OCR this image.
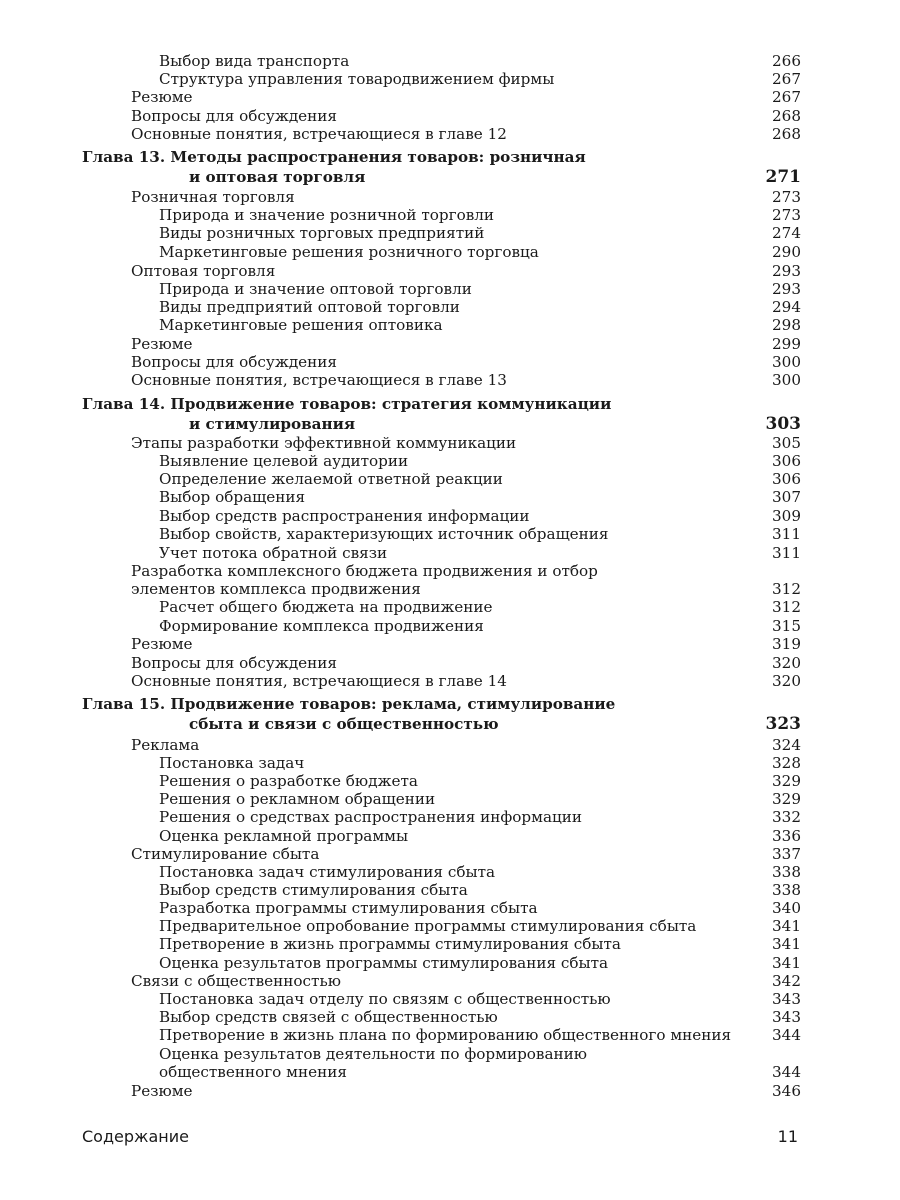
Выбор вида транспорта	266
Структура управления товародвижением фирмы	267
Резюме	267
Вопросы для обсуждения	268
Основные понятия, встречающиеся в главе 12	268
Глава 13. Методы распространения товаров: розничная
и оптовая торговля	271
Розничная торговля	273
Природа и значение розничной торговли	273
Виды розничных торговых предприятий	274
Маркетинговые решения розничного торговца	290
Оптовая торговля	293
Природа и значение оптовой торговли	293
Виды предприятий оптовой торговли	294
Маркетинговые решения оптовика	298
Резюме	299
Вопросы для обсуждения	300
Основные понятия, встречающиеся в главе 13	300
Глава 14. Продвижение товаров: стратегия коммуникации
и стимулирования	303
Этапы разработки эффективной коммуникации	305
Выявление целевой аудитории	306
Определение желаемой ответной реакции	306
Выбор обращения	307
Выбор средств распространения информации	309
Выбор свойств, характеризующих источник обращения	311
Учет потока обратной связи	311
Разработка комплексного бюджета продвижения и отбор
элементов комплекса продвижения	312
Расчет общего бюджета на продвижение	312
Формирование комплекса продвижения	315
Резюме	319
Вопросы для обсуждения	320
Основные понятия, встречающиеся в главе 14	320
Глава 15. Продвижение товаров: реклама, стимулирование
сбыта и связи с общественностью	323
Реклама	324
Постановка задач	328
Решения о разработке бюджета	329
Решения о рекламном обращении	329
Решения о средствах распространения информации	332
Оценка рекламной программы	336
Стимулирование сбыта	337
Постановка задач стимулирования сбыта	338
Выбор средств стимулирования сбыта	338
Разработка программы стимулирования сбыта	340
Предварительное опробование программы стимулирования сбыта	341
Претворение в жизнь программы стимулирования сбыта	341
Оценка результатов программы стимулирования сбыта	341
Связи с общественностью	342
Постановка задач отделу по связям с общественностью	343
Выбор средств связей с общественностью	343
Претворение в жизнь плана по формированию общественного мнения	344
Оценка результатов деятельности по формированию
общественного мнения	344
Резюме	346
Содержание	11
